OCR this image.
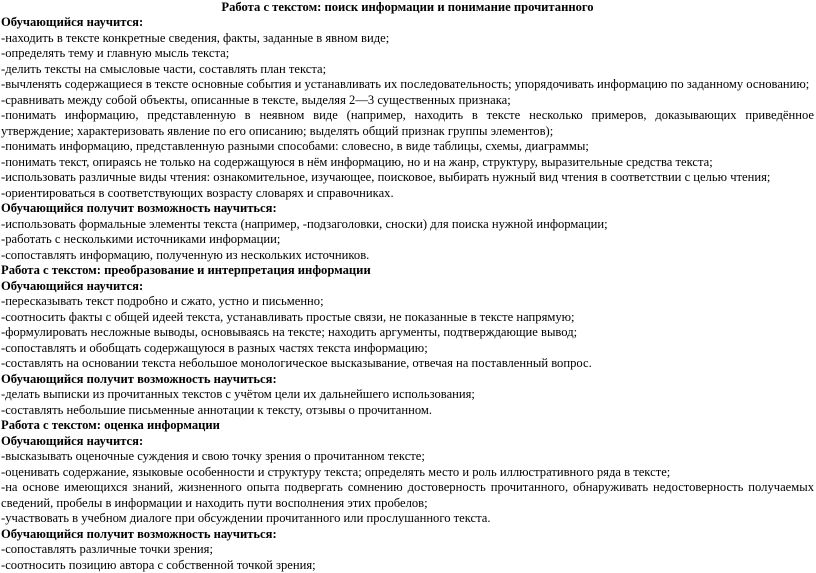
Работа с текстом: поиск информации и понимание прочитанного

Обучающийся научится:

-находить в тексте конкретные сведения, факты, заданные в явном виде;

-определять тему и главную мысль текста;

-делить тексты на смысловые части, составлять план текста;

-вычленять содержащиеся в тексте основные события и устанавливать их последовательность; упорядочивать информацию по заданному основанию;

-сравнивать между собой объекты, описанные в тексте, выделяя 2—3 существенных признака;

-понимать информацию, представленную в неявном виде (например, находить в тексте несколько примеров, доказывающих приведённое утверждение; характеризовать явление по его описанию; выделять общий признак группы элементов);

-понимать информацию, представленную разными способами: словесно, в виде таблицы, схемы, диаграммы;

-понимать текст, опираясь не только на содержащуюся в нём информацию, но и на жанр, структуру, выразительные средства текста;

-использовать различные виды чтения: ознакомительное, изучающее, поисковое, выбирать нужный вид чтения в соответствии с целью чтения;

-ориентироваться в соответствующих возрасту словарях и справочниках.

Обучающийся получит возможность научиться:

-использовать формальные элементы текста (например, -подзаголовки, сноски) для поиска нужной информации;

-работать с несколькими источниками информации;

-сопоставлять информацию, полученную из нескольких источников.

Работа с текстом: преобразование и интерпретация информации

Обучающийся научится:

-пересказывать текст подробно и сжато, устно и письменно;

-соотносить факты с общей идеей текста, устанавливать простые связи, не показанные в тексте напрямую;

-формулировать несложные выводы, основываясь на тексте; находить аргументы, подтверждающие вывод;

-сопоставлять и обобщать содержащуюся в разных частях текста информацию;

-составлять на основании текста небольшое монологическое высказывание, отвечая на поставленный вопрос.

Обучающийся получит возможность научиться:

-делать выписки из прочитанных текстов с учётом цели их дальнейшего использования;

-составлять небольшие письменные аннотации к тексту, отзывы о прочитанном.

Работа с текстом: оценка информации

Обучающийся научится:

-высказывать оценочные суждения и свою точку зрения о прочитанном тексте;

-оценивать содержание, языковые особенности и структуру текста; определять место и роль иллюстративного ряда в тексте;

-на основе имеющихся знаний, жизненного опыта подвергать сомнению достоверность прочитанного, обнаруживать недостоверность получаемых сведений, пробелы в информации и находить пути восполнения этих пробелов;

-участвовать в учебном диалоге при обсуждении прочитанного или прослушанного текста.

Обучающийся получит возможность научиться:

-сопоставлять различные точки зрения;

-соотносить позицию автора с собственной точкой зрения;
